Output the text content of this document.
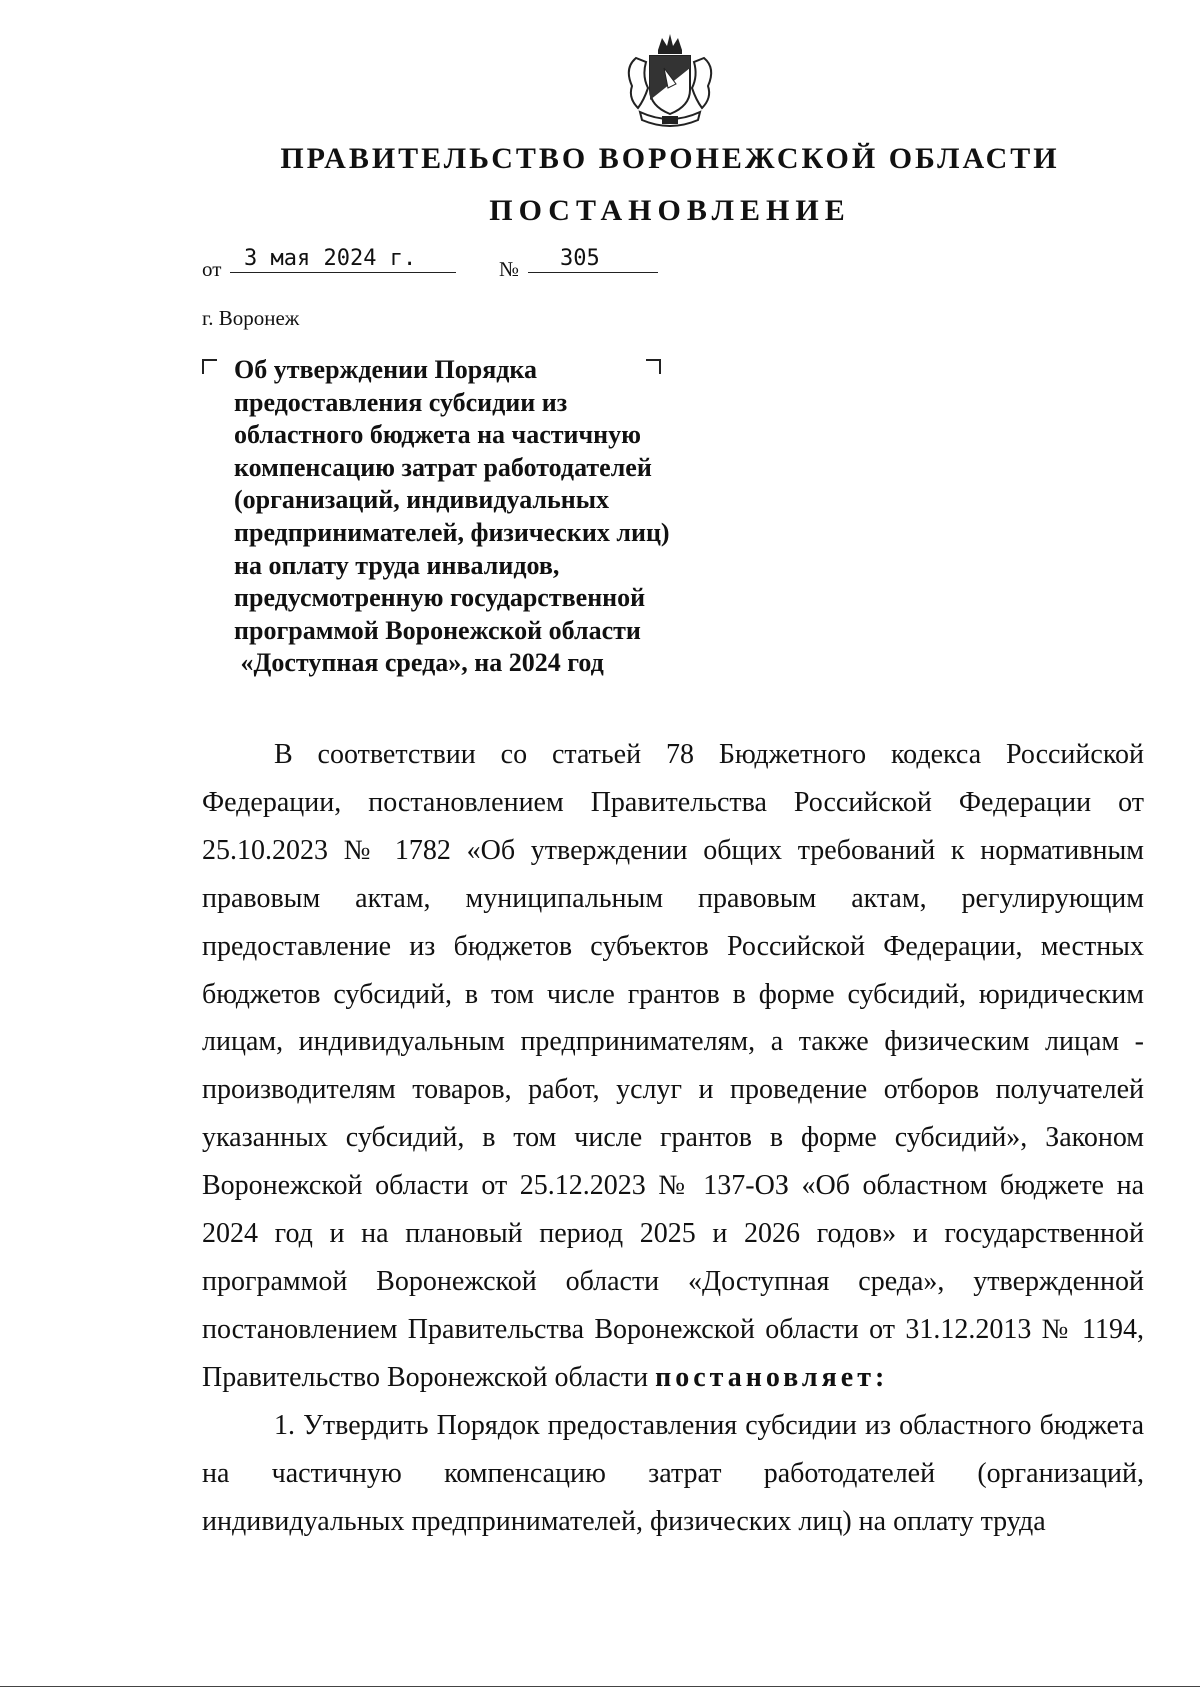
ПРАВИТЕЛЬСТВО ВОРОНЕЖСКОЙ ОБЛАСТИ
ПОСТАНОВЛЕНИЕ
от 3 мая 2024 г.	№ 305
г. Воронеж
Об утверждении Порядка
предоставления субсидии из
областного бюджета на частичную
компенсацию затрат работодателей
(организаций, индивидуальных
предпринимателей, физических лиц)
на оплату труда инвалидов,
предусмотренную государственной
программой Воронежской области
«Доступная среда», на 2024 год

В соответствии со статьей 78 Бюджетного кодекса Российской Федерации, постановлением Правительства Российской Федерации от 25.10.2023 № 1782 «Об утверждении общих требований к нормативным правовым актам, муниципальным правовым актам, регулирующим предоставление из бюджетов субъектов Российской Федерации, местных бюджетов субсидий, в том числе грантов в форме субсидий, юридическим лицам, индивидуальным предпринимателям, а также физическим лицам - производителям товаров, работ, услуг и проведение отборов получателей указанных субсидий, в том числе грантов в форме субсидий», Законом Воронежской области от 25.12.2023 № 137-ОЗ «Об областном бюджете на 2024 год и на плановый период 2025 и 2026 годов» и государственной программой Воронежской области «Доступная среда», утвержденной постановлением Правительства Воронежской области от 31.12.2013 № 1194, Правительство Воронежской области постановляет:

1. Утвердить Порядок предоставления субсидии из областного бюджета на частичную компенсацию затрат работодателей (организаций, индивидуальных предпринимателей, физических лиц) на оплату труда
